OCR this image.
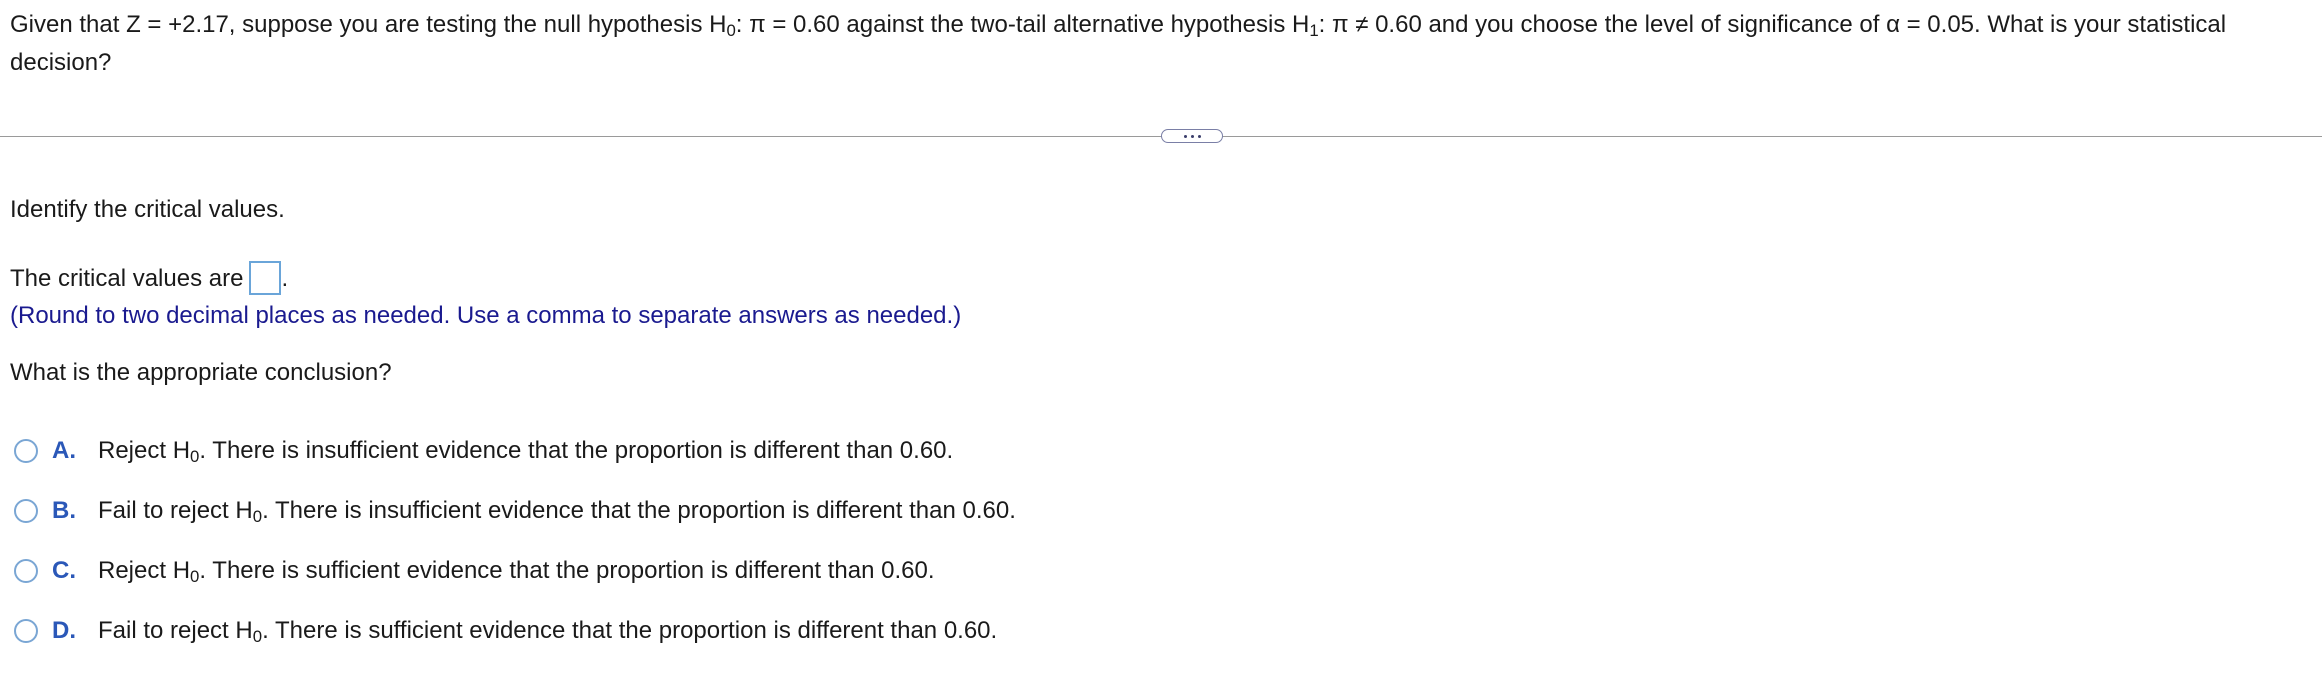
Given that Z = +2.17, suppose you are testing the null hypothesis $H_0$: π = 0.60 against the two-tail alternative hypothesis $H_1$: π ≠ 0.60 and you choose the level of significance of α = 0.05. What is your statistical decision?
Identify the critical values.
The critical values are .
(Round to two decimal places as needed. Use a comma to separate answers as needed.)
What is the appropriate conclusion?
A. Reject $H_0$. There is insufficient evidence that the proportion is different than 0.60.
B. Fail to reject $H_0$. There is insufficient evidence that the proportion is different than 0.60.
C. Reject $H_0$. There is sufficient evidence that the proportion is different than 0.60.
D. Fail to reject $H_0$. There is sufficient evidence that the proportion is different than 0.60.
